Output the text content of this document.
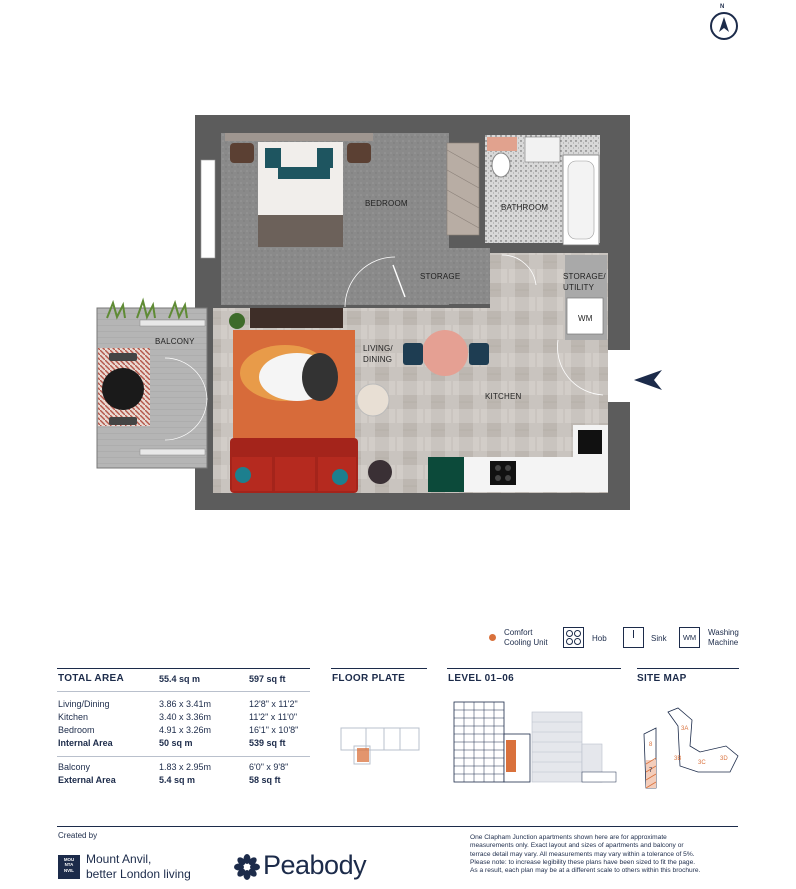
N
BEDROOM	BATHROOM
STORAGE	STORAGE/
UTILITY
WM
LIVING/
DINING
KITCHEN
BALCONY
Comfort
Cooling Unit	Hob	Sink	WM
Washing
Machine
TOTAL AREA	55.4 sq m	597 sq ft
Living/Dining	3.86 x 3.41m	12'8" x 11'2"
Kitchen	3.40 x 3.36m	11'2" x 11'0"
Bedroom	4.91 x 3.26m	16'1" x 10'8"
Internal Area	50 sq m	539 sq ft
Balcony	1.83 x 2.95m	6'0" x 9'8"
External Area	5.4 sq m	58 sq ft
FLOOR PLATE	LEVEL 01–06	SITE MAP
3A
3B
3C
3D
8
7
Created by
MOU
NTA
NVIL
Mount Anvil,
better London living	Peabody
One Clapham Junction apartments shown here are for approximate
measurements only. Exact layout and sizes of apartments and balcony or
terrace detail may vary. All measurements may vary within a tolerance of 5%.
Please note: to increase legibility these plans have been sized to fit the page.
As a result, each plan may be at a different scale to others within this brochure.
